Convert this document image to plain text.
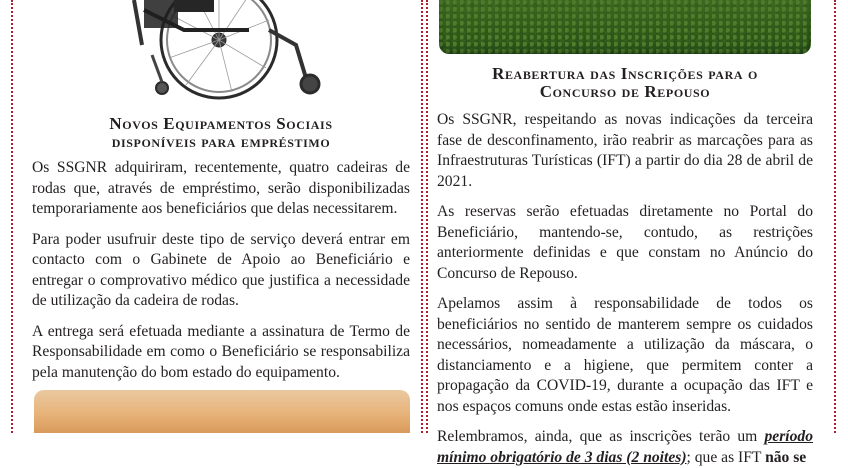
Novos Equipamentos Sociais
disponíveis para empréstimo

Os SSGNR adquiriram, recentemente, quatro cadeiras de rodas que, através de empréstimo, serão disponibilizadas temporariamente aos beneficiários que delas necessitarem.

Para poder usufruir deste tipo de serviço deverá entrar em contacto com o Gabinete de Apoio ao Beneficiário e entregar o comprovativo médico que justifica a necessidade de utilização da cadeira de rodas.

A entrega será efetuada mediante a assinatura de Termo de Responsabilidade em como o Beneficiário se responsabiliza pela manutenção do bom estado do equipamento.

Reabertura das Inscrições para o
Concurso de Repouso

Os SSGNR, respeitando as novas indicações da terceira fase de desconfinamento, irão reabrir as marcações para as Infraestruturas Turísticas (IFT) a partir do dia 28 de abril de 2021.

As reservas serão efetuadas diretamente no Portal do Beneficiário, mantendo-se, contudo, as restrições anteriormente definidas e que constam no Anúncio do Concurso de Repouso.

Apelamos assim à responsabilidade de todos os beneficiários no sentido de manterem sempre os cuidados necessários, nomeadamente a utilização da máscara, o distanciamento e a higiene, que permitem conter a propagação da COVID-19, durante a ocupação das IFT e nos espaços comuns onde estas estão inseridas.

Relembramos, ainda, que as inscrições terão um período mínimo obrigatório de 3 dias (2 noites); que as IFT não se
